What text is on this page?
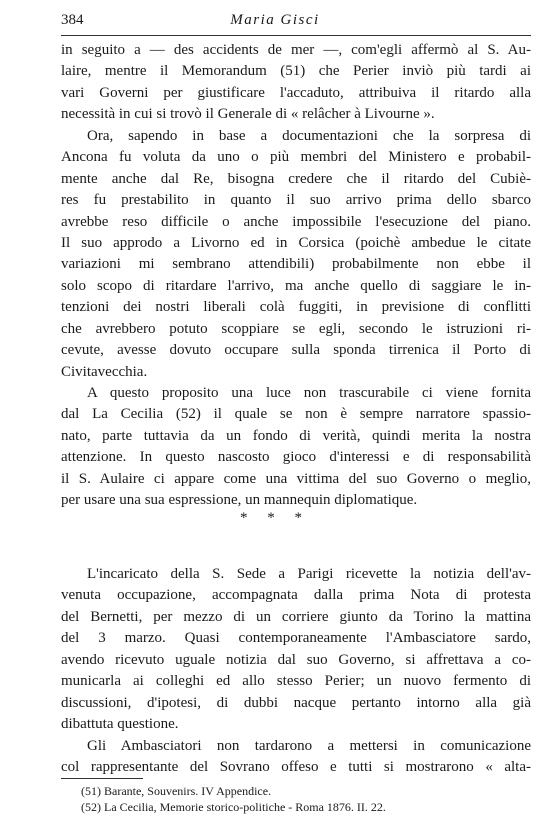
384	Maria Gisci
in seguito a — des accidents de mer —, com'egli affermò al S. Au-
laire, mentre il Memorandum (51) che Perier inviò più tardi ai
vari Governi per giustificare l'accaduto, attribuiva il ritardo alla
necessità in cui si trovò il Generale di « relâcher à Livourne ».
Ora, sapendo in base a documentazioni che la sorpresa di
Ancona fu voluta da uno o più membri del Ministero e probabil-
mente anche dal Re, bisogna credere che il ritardo del Cubiè-
res fu prestabilito in quanto il suo arrivo prima dello sbarco
avrebbe reso difficile o anche impossibile l'esecuzione del piano.
Il suo approdo a Livorno ed in Corsica (poichè ambedue le citate
variazioni mi sembrano attendibili) probabilmente non ebbe il
solo scopo di ritardare l'arrivo, ma anche quello di saggiare le in-
tenzioni dei nostri liberali colà fuggiti, in previsione di conflitti
che avrebbero potuto scoppiare se egli, secondo le istruzioni ri-
cevute, avesse dovuto occupare sulla sponda tirrenica il Porto di
Civitavecchia.
A questo proposito una luce non trascurabile ci viene fornita
dal La Cecilia (52) il quale se non è sempre narratore spassio-
nato, parte tuttavia da un fondo di verità, quindi merita la nostra
attenzione. In questo nascosto gioco d'interessi e di responsabilità
il S. Aulaire ci appare come una vittima del suo Governo o meglio,
per usare una sua espressione, un mannequin diplomatique.
* * *
L'incaricato della S. Sede a Parigi ricevette la notizia dell'av-
venuta occupazione, accompagnata dalla prima Nota di protesta
del Bernetti, per mezzo di un corriere giunto da Torino la mattina
del 3 marzo. Quasi contemporaneamente l'Ambasciatore sardo,
avendo ricevuto uguale notizia dal suo Governo, si affrettava a co-
municarla ai colleghi ed allo stesso Perier; un nuovo fermento di
discussioni, d'ipotesi, di dubbi nacque pertanto intorno alla già
dibattuta questione.
Gli Ambasciatori non tardarono a mettersi in comunicazione
col rappresentante del Sovrano offeso e tutti si mostrarono « alta-
(51) Barante, Souvenirs. IV Appendice.
(52) La Cecilia, Memorie storico-politiche - Roma 1876. II. 22.
